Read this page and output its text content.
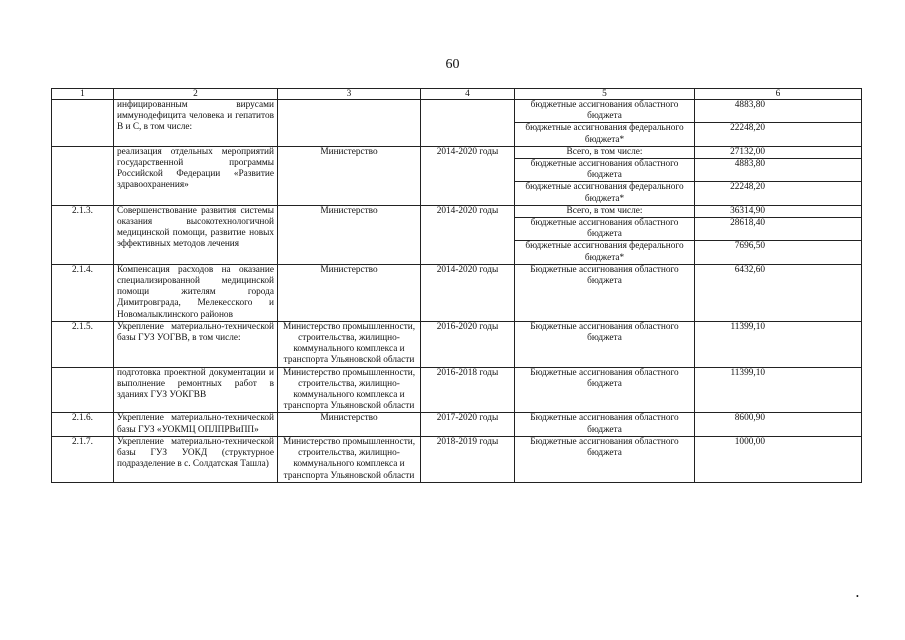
60
1	2	3	4	5	6
	инфицированным вирусами иммунодефицита человека и гепатитов В и С, в том числе:			бюджетные ассигнования областного бюджета	4883,80
				бюджетные ассигнования федерального бюджета*	22248,20
	реализация отдельных мероприятий государственной программы Российской Федерации «Развитие здравоохранения»	Министерство	2014-2020 годы	Всего, в том числе:	27132,00
				бюджетные ассигнования областного бюджета	4883,80
				бюджетные ассигнования федерального бюджета*	22248,20
2.1.3.	Совершенствование развития системы оказания высокотехнологичной медицинской помощи, развитие новых эффективных методов лечения	Министерство	2014-2020 годы	Всего, в том числе:	36314,90
				бюджетные ассигнования областного бюджета	28618,40
				бюджетные ассигнования федерального бюджета*	7696,50
2.1.4.	Компенсация расходов на оказание специализированной медицинской помощи жителям города Димитровграда, Мелекесского и Новомалыклинского районов	Министерство	2014-2020 годы	Бюджетные ассигнования областного бюджета	6432,60
2.1.5.	Укрепление материально-технической базы ГУЗ УОГВВ, в том числе:	Министерство промышленности, строительства, жилищно-коммунального комплекса и транспорта Ульяновской области	2016-2020 годы	Бюджетные ассигнования областного бюджета	11399,10
	подготовка проектной документации и выполнение ремонтных работ в зданиях ГУЗ УОКГВВ	Министерство промышленности, строительства, жилищно-коммунального комплекса и транспорта Ульяновской области	2016-2018 годы	Бюджетные ассигнования областного бюджета	11399,10
2.1.6.	Укрепление материально-технической базы ГУЗ «УОКМЦ ОПЛПРВиПП»	Министерство	2017-2020 годы	Бюджетные ассигнования областного бюджета	8600,90
2.1.7.	Укрепление материально-технической базы ГУЗ УОКД (структурное подразделение в с. Солдатская Ташла)	Министерство промышленности, строительства, жилищно-коммунального комплекса и транспорта Ульяновской области	2018-2019 годы	Бюджетные ассигнования областного бюджета	1000,00
•
